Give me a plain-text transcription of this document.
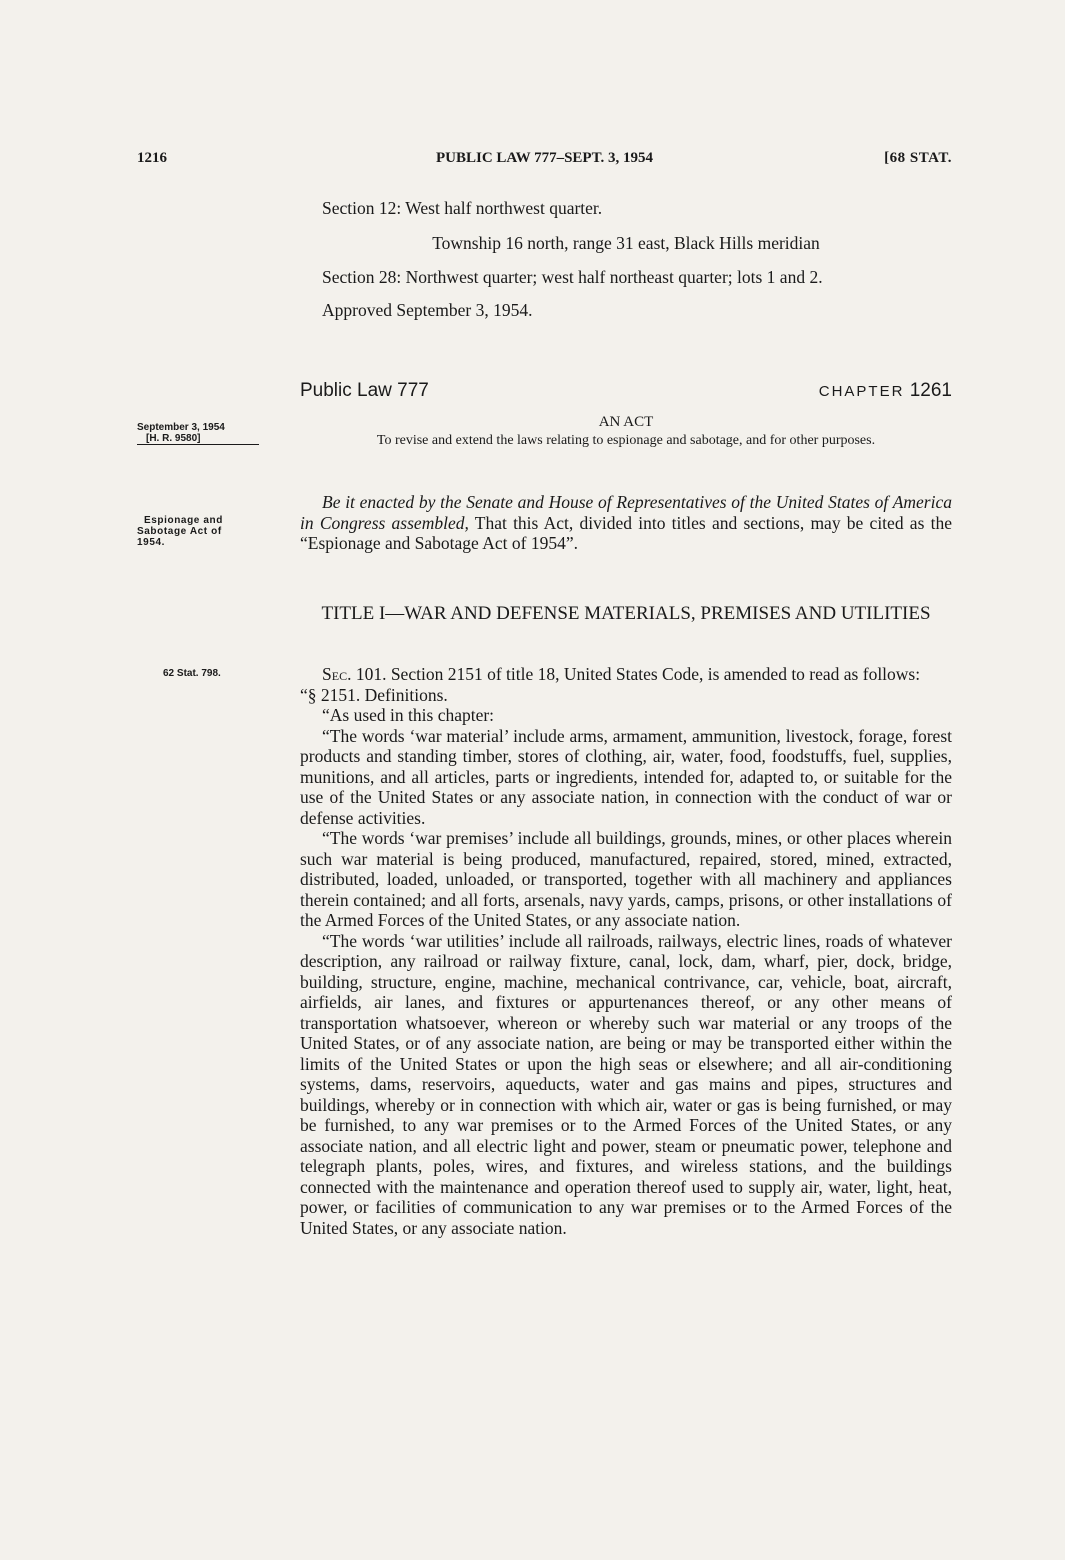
1216	PUBLIC LAW 777–SEPT. 3, 1954	[68 STAT.

Section 12: West half northwest quarter.

Township 16 north, range 31 east, Black Hills meridian

Section 28: Northwest quarter; west half northeast quarter; lots 1 and 2.

Approved September 3, 1954.

Public Law 777	CHAPTER 1261
September 3, 1954
[H. R. 9580]
Espionage and
Sabotage Act of
1954.
62 Stat. 798.
AN ACT
To revise and extend the laws relating to espionage and sabotage, and for other purposes.

Be it enacted by the Senate and House of Representatives of the United States of America in Congress assembled, That this Act, divided into titles and sections, may be cited as the “Espionage and Sabotage Act of 1954”.

TITLE I—WAR AND DEFENSE MATERIALS, PREMISES AND UTILITIES

Sec. 101. Section 2151 of title 18, United States Code, is amended to read as follows:

“§ 2151. Definitions.

“As used in this chapter:

“The words ‘war material’ include arms, armament, ammunition, livestock, forage, forest products and standing timber, stores of clothing, air, water, food, foodstuffs, fuel, supplies, munitions, and all articles, parts or ingredients, intended for, adapted to, or suitable for the use of the United States or any associate nation, in connection with the conduct of war or defense activities.

“The words ‘war premises’ include all buildings, grounds, mines, or other places wherein such war material is being produced, manufactured, repaired, stored, mined, extracted, distributed, loaded, unloaded, or transported, together with all machinery and appliances therein contained; and all forts, arsenals, navy yards, camps, prisons, or other installations of the Armed Forces of the United States, or any associate nation.

“The words ‘war utilities’ include all railroads, railways, electric lines, roads of whatever description, any railroad or railway fixture, canal, lock, dam, wharf, pier, dock, bridge, building, structure, engine, machine, mechanical contrivance, car, vehicle, boat, aircraft, airfields, air lanes, and fixtures or appurtenances thereof, or any other means of transportation whatsoever, whereon or whereby such war material or any troops of the United States, or of any associate nation, are being or may be transported either within the limits of the United States or upon the high seas or elsewhere; and all air-conditioning systems, dams, reservoirs, aqueducts, water and gas mains and pipes, structures and buildings, whereby or in connection with which air, water or gas is being furnished, or may be furnished, to any war premises or to the Armed Forces of the United States, or any associate nation, and all electric light and power, steam or pneumatic power, telephone and telegraph plants, poles, wires, and fixtures, and wireless stations, and the buildings connected with the maintenance and operation thereof used to supply air, water, light, heat, power, or facilities of communication to any war premises or to the Armed Forces of the United States, or any associate nation.
